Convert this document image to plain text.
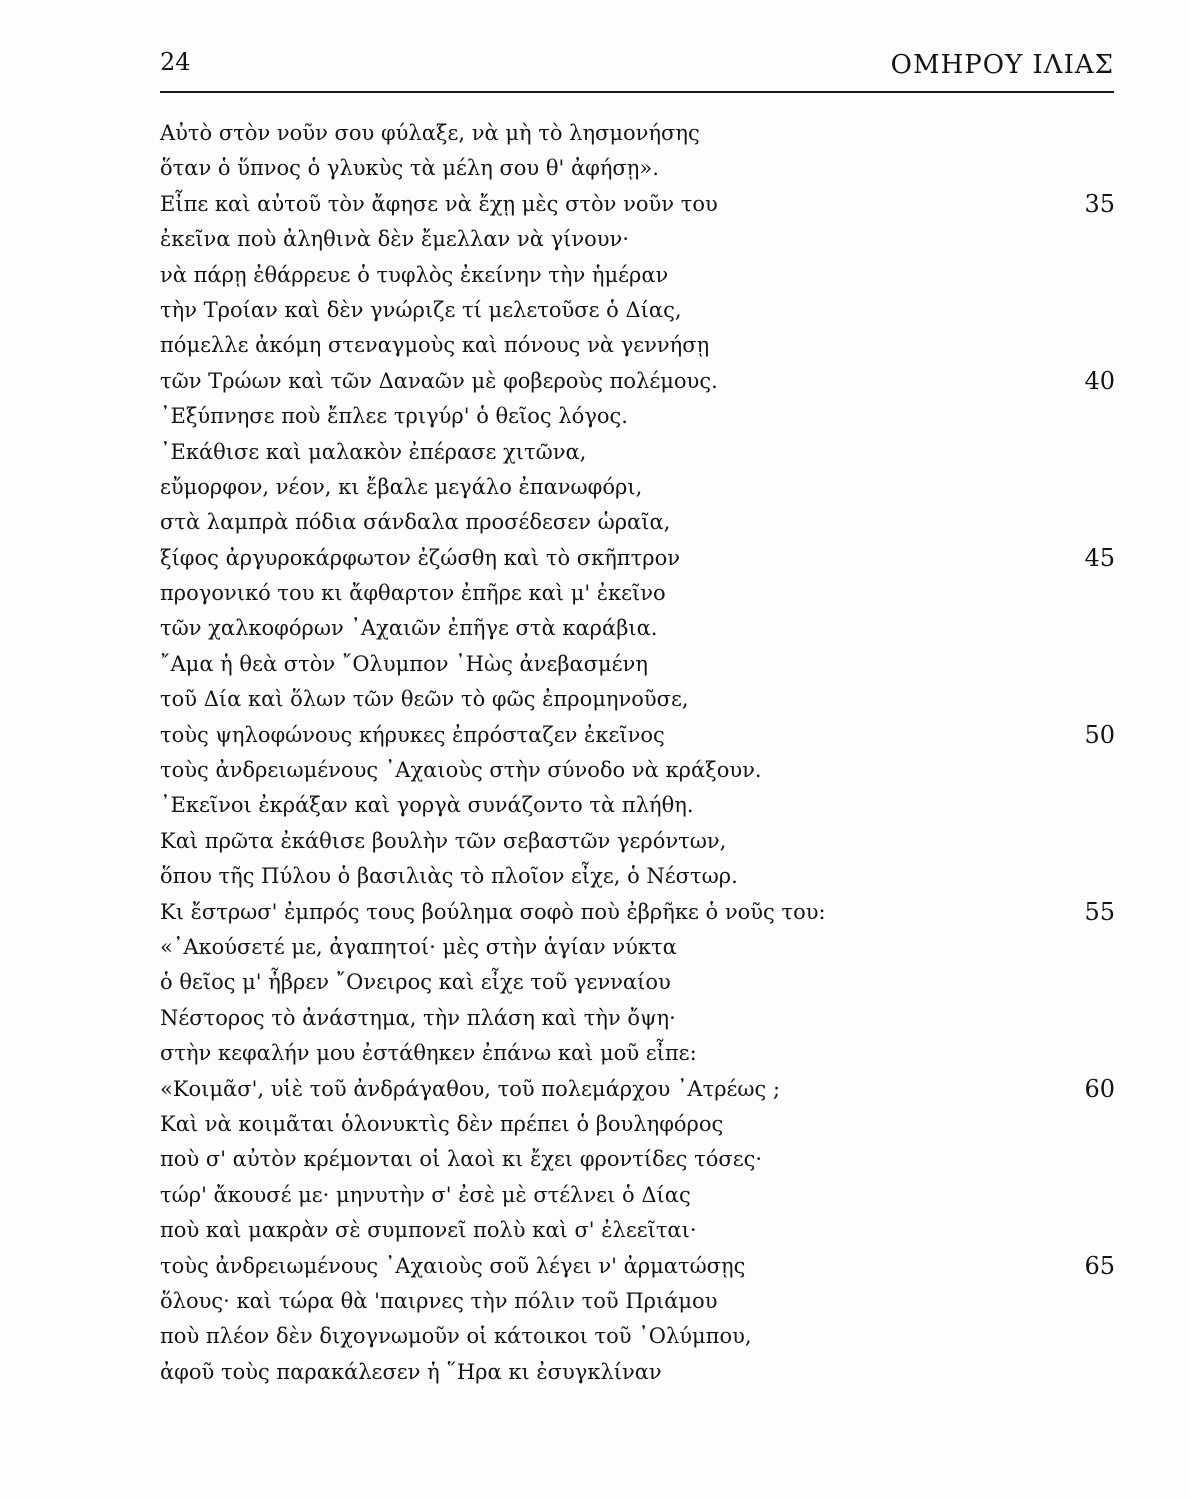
24	ΟΜΗΡΟΥ ΙΛΙΑΣ
Αὐτὸ στὸν νοῦν σου φύλαξε, νὰ μὴ τὸ λησμονήσης
ὅταν ὁ ὕπνος ὁ γλυκὺς τὰ μέλη σου θ' ἀφήσῃ».
Εἶπε καὶ αὐτοῦ τὸν ἄφησε νὰ ἔχῃ μὲς στὸν νοῦν του	35
ἐκεῖνα ποὺ ἀληθινὰ δὲν ἔμελλαν νὰ γίνουν·
νὰ πάρῃ ἐθάρρευε ὁ τυφλὸς ἐκείνην τὴν ἡμέραν
τὴν Τροίαν καὶ δὲν γνώριζε τί μελετοῦσε ὁ Δίας,
πόμελλε ἀκόμη στεναγμοὺς καὶ πόνους νὰ γεννήσῃ
τῶν Τρώων καὶ τῶν Δαναῶν μὲ φοβεροὺς πολέμους.	40
᾿Εξύπνησε ποὺ ἔπλεε τριγύρ' ὁ θεῖος λόγος.
᾿Εκάθισε καὶ μαλακὸν ἐπέρασε χιτῶνα,
εὔμορφον, νέον, κι ἔβαλε μεγάλο ἐπανωφόρι,
στὰ λαμπρὰ πόδια σάνδαλα προσέδεσεν ὡραῖα,
ξίφος ἀργυροκάρφωτον ἐζώσθη καὶ τὸ σκῆπτρον	45
προγονικό του κι ἄφθαρτον ἐπῆρε καὶ μ' ἐκεῖνο
τῶν χαλκοφόρων ᾿Αχαιῶν ἐπῆγε στὰ καράβια.
῎Αμα ἡ θεὰ στὸν ῎Ολυμπον ᾿Ηὼς ἀνεβασμένη
τοῦ Δία καὶ ὅλων τῶν θεῶν τὸ φῶς ἐπρομηνοῦσε,
τοὺς ψηλοφώνους κήρυκες ἐπρόσταζεν ἐκεῖνος	50
τοὺς ἀνδρειωμένους ᾿Αχαιοὺς στὴν σύνοδο νὰ κράξουν.
᾿Εκεῖνοι ἐκράξαν καὶ γοργὰ συνάζοντο τὰ πλήθη.
Καὶ πρῶτα ἐκάθισε βουλὴν τῶν σεβαστῶν γερόντων,
ὅπου τῆς Πύλου ὁ βασιλιὰς τὸ πλοῖον εἶχε, ὁ Νέστωρ.
Κι ἔστρωσ' ἐμπρός τους βούλημα σοφὸ ποὺ ἐβρῆκε ὁ νοῦς του:	55
«᾿Ακούσετέ με, ἀγαπητοί· μὲς στὴν ἁγίαν νύκτα
ὁ θεῖος μ' ἦβρεν ῎Ονειρος καὶ εἶχε τοῦ γενναίου
Νέστορος τὸ ἀνάστημα, τὴν πλάση καὶ τὴν ὄψη·
στὴν κεφαλήν μου ἐστάθηκεν ἐπάνω καὶ μοῦ εἶπε:
«Κοιμᾶσ', υἱὲ τοῦ ἀνδράγαθου, τοῦ πολεμάρχου ᾿Ατρέως ;	60
Καὶ νὰ κοιμᾶται ὁλονυκτὶς δὲν πρέπει ὁ βουληφόρος
ποὺ σ' αὐτὸν κρέμονται οἱ λαοὶ κι ἔχει φροντίδες τόσες·
τώρ' ἄκουσέ με· μηνυτὴν σ' ἐσὲ μὲ στέλνει ὁ Δίας
ποὺ καὶ μακρὰν σὲ συμπονεῖ πολὺ καὶ σ' ἐλεεῖται·
τοὺς ἀνδρειωμένους ᾿Αχαιοὺς σοῦ λέγει ν' ἀρματώσῃς	65
ὅλους· καὶ τώρα θὰ 'παιρνες τὴν πόλιν τοῦ Πριάμου
ποὺ πλέον δὲν διχογνωμοῦν οἱ κάτοικοι τοῦ ᾿Ολύμπου,
ἀφοῦ τοὺς παρακάλεσεν ἡ ῞Ηρα κι ἐσυγκλίναν
